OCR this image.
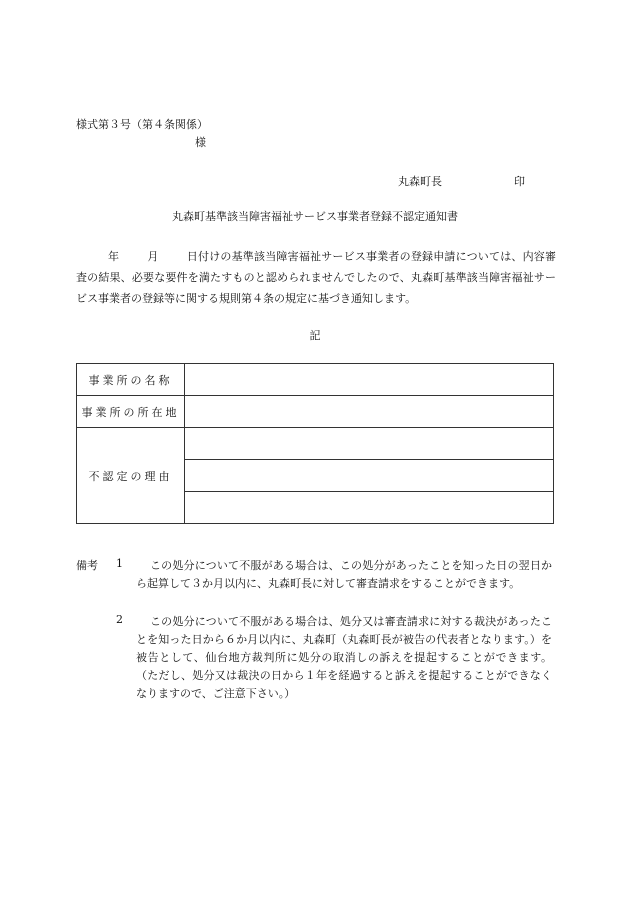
様式第３号（第４条関係）
様
丸森町長	印
丸森町基準該当障害福祉サービス事業者登録不認定通知書
年	月	日付けの基準該当障害福祉サービス事業者の登録申請については、内容審査の結果、必要な要件を満たすものと認められませんでしたので、丸森町基準該当障害福祉サービス事業者の登録等に関する規則第４条の規定に基づき通知します。
記
事業所の名称	
事業所の所在地	
不認定の理由	

備考 1	この処分について不服がある場合は、この処分があったことを知った日の翌日から起算して３か月以内に、丸森町長に対して審査請求をすることができます。
2	この処分について不服がある場合は、処分又は審査請求に対する裁決があったことを知った日から６か月以内に、丸森町（丸森町長が被告の代表者となります。）を被告として、仙台地方裁判所に処分の取消しの訴えを提起することができます。 （ただし、処分又は裁決の日から１年を経過すると訴えを提起することができなくなりますので、ご注意下さい。）
